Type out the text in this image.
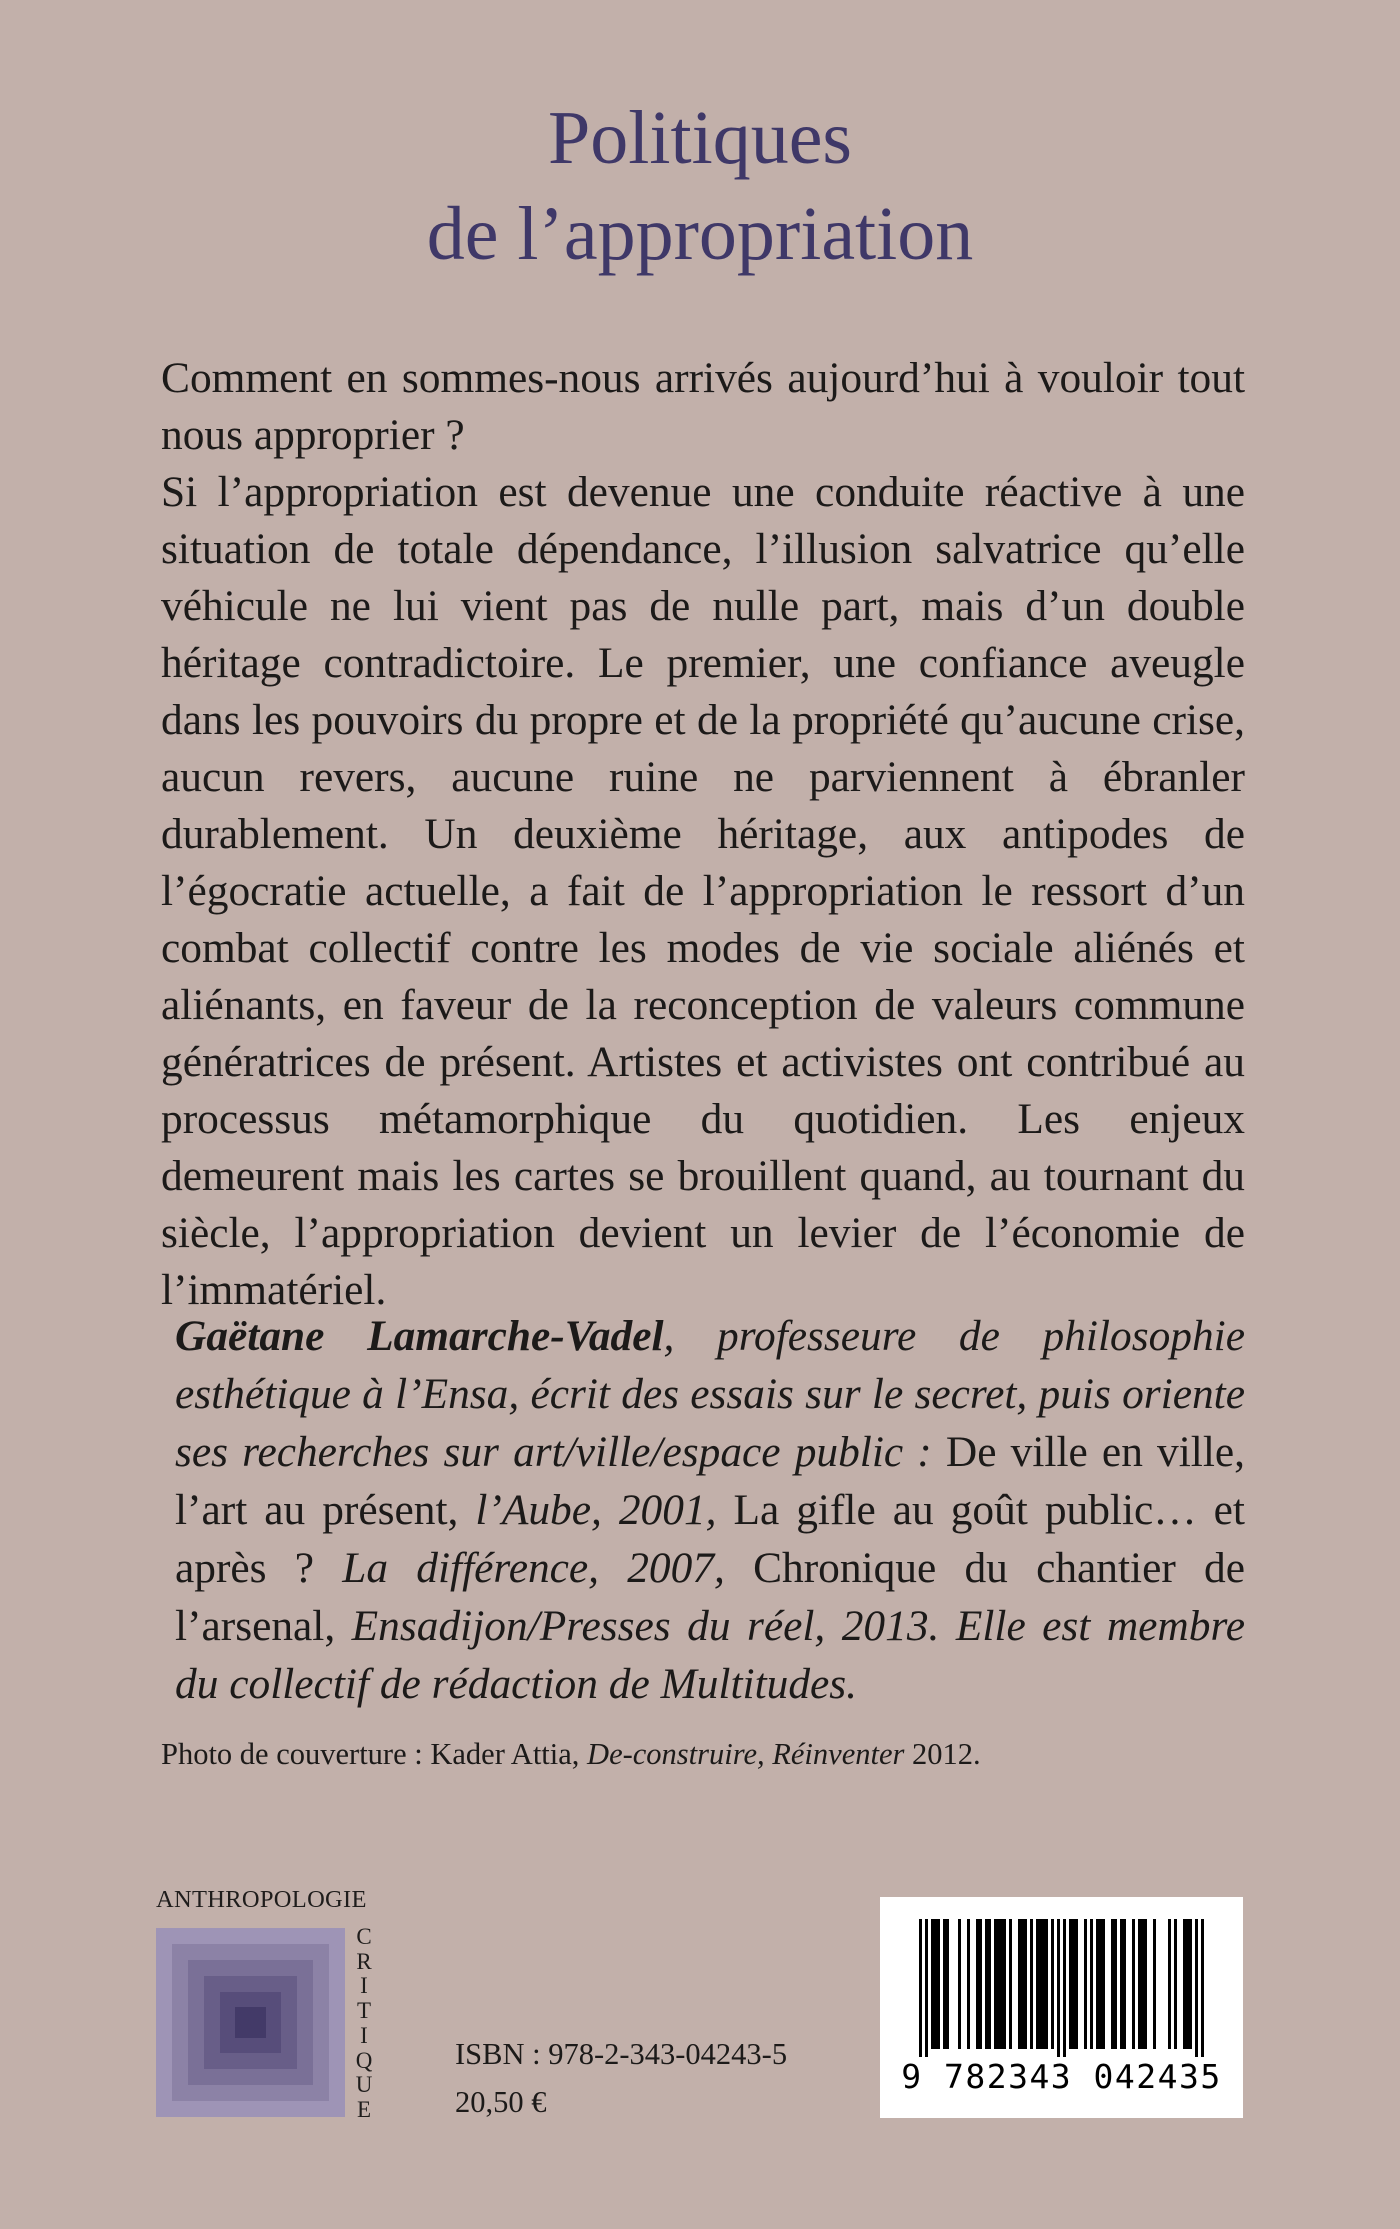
Politiques
de l’appropriation

Comment en sommes-nous arrivés aujourd’hui à vouloir tout nous approprier ?

Si l’appropriation est devenue une conduite réactive à une situation de totale dépendance, l’illusion salvatrice qu’elle véhicule ne lui vient pas de nulle part, mais d’un double héritage contradictoire. Le premier, une confiance aveugle dans les pouvoirs du propre et de la propriété qu’aucune crise, aucun revers, aucune ruine ne parviennent à ébranler durablement. Un deuxième héritage, aux antipodes de l’égocratie actuelle, a fait de l’appropriation le ressort d’un combat collectif contre les modes de vie sociale aliénés et aliénants, en faveur de la reconception de valeurs commune génératrices de présent. Artistes et activistes ont contribué au processus métamorphique du quotidien. Les enjeux demeurent mais les cartes se brouillent quand, au tournant du siècle, l’appropriation devient un levier de l’économie de l’immatériel.

Gaëtane Lamarche-Vadel, professeure de philosophie esthétique à l’Ensa, écrit des essais sur le secret, puis oriente ses recherches sur art/ville/espace public : De ville en ville, l’art au présent, l’Aube, 2001, La gifle au goût public… et après ? La différence, 2007, Chronique du chantier de l’arsenal, Ensadijon/Presses du réel, 2013. Elle est membre du collectif de rédaction de Multitudes.
Photo de couverture : Kader Attia, De-construire, Réinventer 2012.
ANTHROPOLOGIE
C
R
I
T
I
Q
U
E
ISBN : 978-2-343-04243-5
20,50 €
9 782343 042435
